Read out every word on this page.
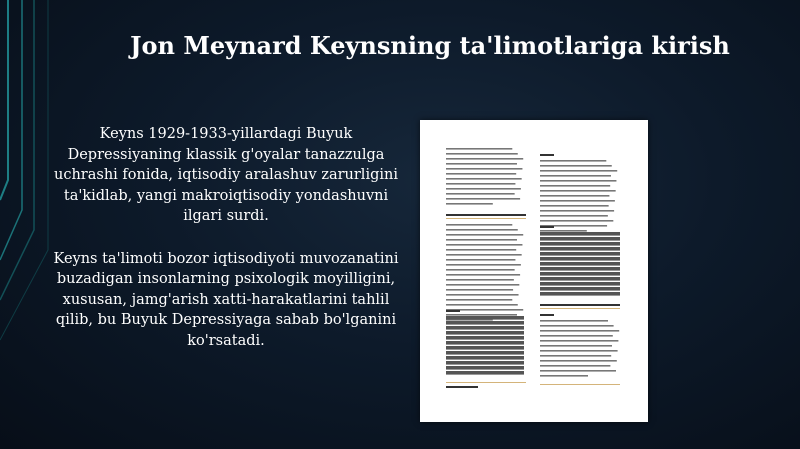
Jon Meynard Keynsning ta'limotlariga kirish

Keyns 1929-1933-yillardagi Buyuk Depressiyaning klassik g'oyalar tanazzulga uchrashi fonida, iqtisodiy aralashuv zarurligini ta'kidlab, yangi makroiqtisodiy yondashuvni ilgari surdi.

Keyns ta'limoti bozor iqtisodiyoti muvozanatini buzadigan insonlarning psixologik moyilligini, xususan, jamg'arish xatti-harakatlarini tahlil qilib, bu Buyuk Depressiyaga sabab bo'lganini ko'rsatadi.
